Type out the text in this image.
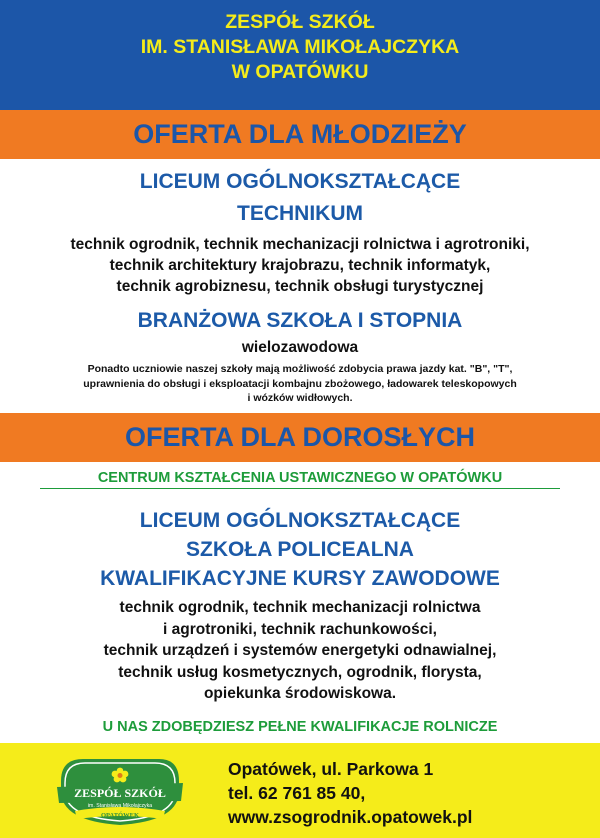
ZESPÓŁ SZKÓŁ
IM. STANISŁAWA MIKOŁAJCZYKA
W OPATÓWKU
OFERTA DLA MŁODZIEŻY
LICEUM OGÓLNOKSZTAŁCĄCE
TECHNIKUM
technik ogrodnik, technik mechanizacji rolnictwa i agrotroniki,
technik architektury krajobrazu, technik informatyk,
technik agrobiznesu, technik obsługi turystycznej
BRANŻOWA SZKOŁA I STOPNIA
wielozawodowa
Ponadto uczniowie naszej szkoły mają możliwość zdobycia prawa jazdy kat. "B", "T",
uprawnienia do obsługi i eksploatacji kombajnu zbożowego, ładowarek teleskopowych
i wózków widłowych.
OFERTA DLA DOROSŁYCH
CENTRUM KSZTAŁCENIA USTAWICZNEGO W OPATÓWKU
LICEUM OGÓLNOKSZTAŁCĄCE
SZKOŁA POLICEALNA
KWALIFIKACYJNE KURSY ZAWODOWE
technik ogrodnik, technik mechanizacji rolnictwa
i agrotroniki, technik rachunkowości,
technik urządzeń i systemów energetyki odnawialnej,
technik usług kosmetycznych, ogrodnik, florysta,
opiekunka środowiskowa.
U NAS ZDOBĘDZIESZ PEŁNE KWALIFIKACJE ROLNICZE
ZESPÓŁ SZKÓŁ
im. Stanisława Mikołajczyka
OPATÓWEK
Opatówek, ul. Parkowa 1
tel. 62 761 85 40,
www.zsogrodnik.opatowek.pl
